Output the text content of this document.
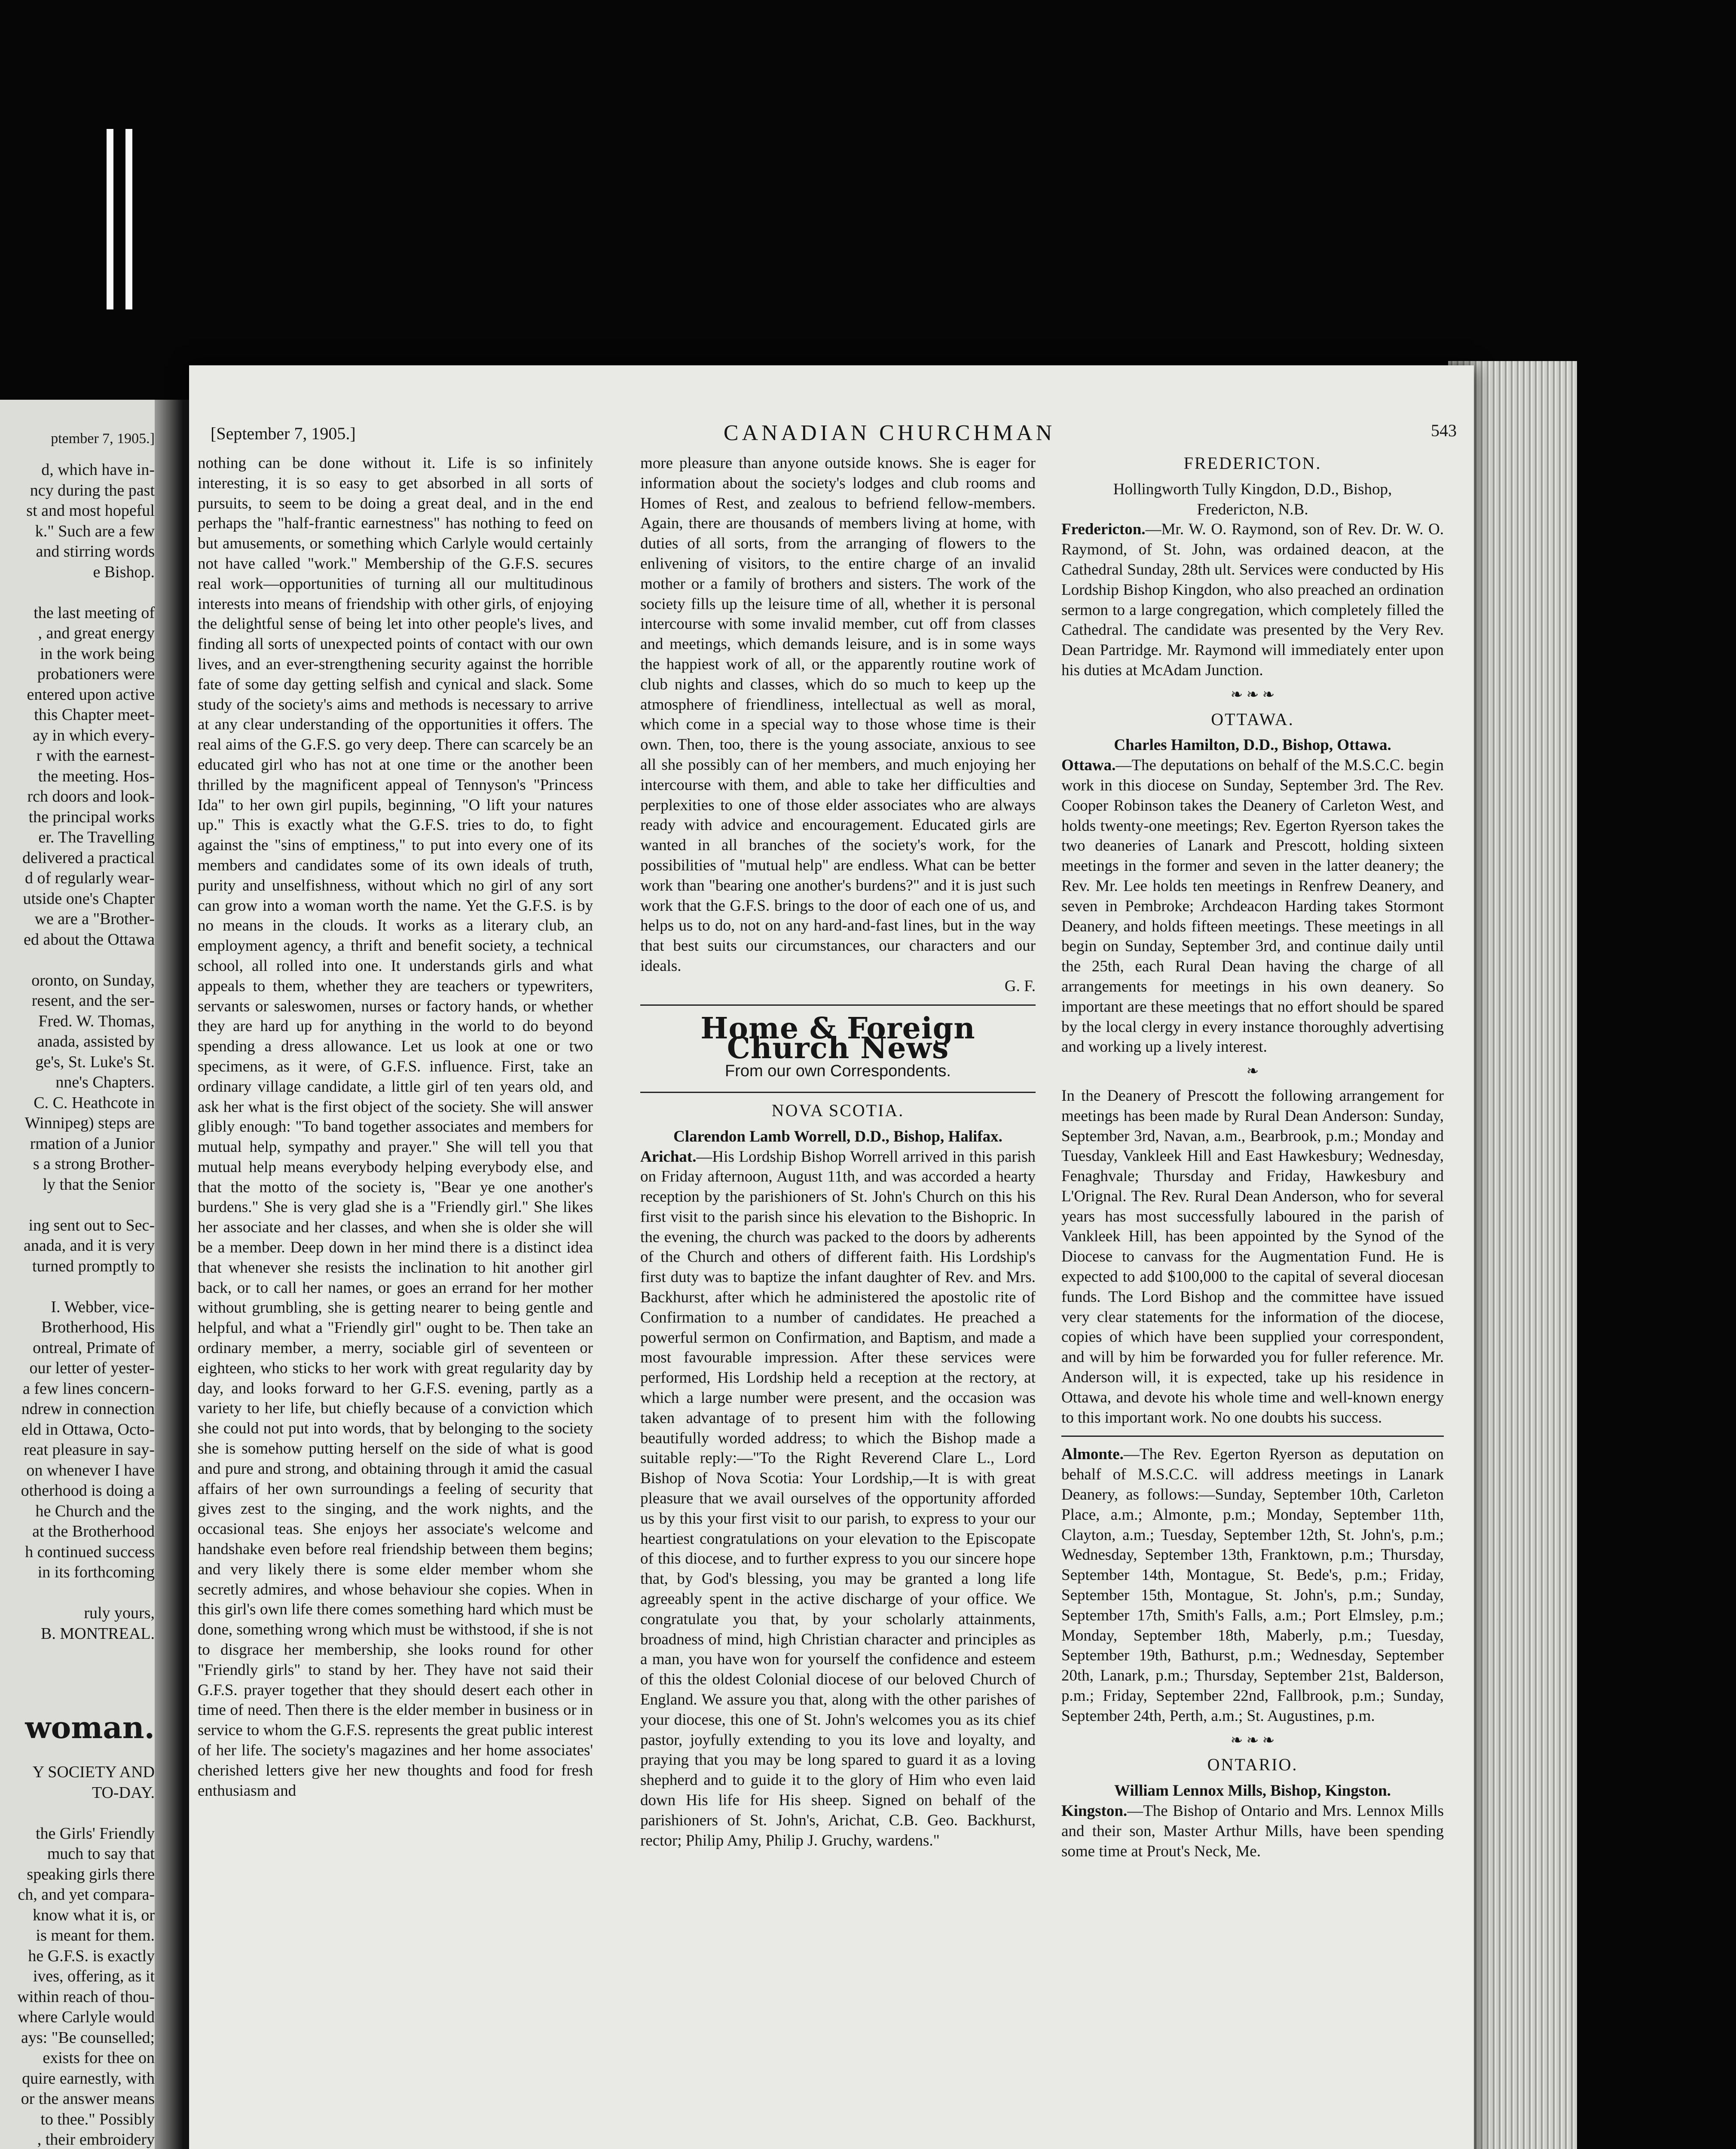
ptember 7, 1905.]
d, which have in-
ncy during the past
st and most hopeful
k." Such are a few
and stirring words
e Bishop.

the last meeting of
, and great energy
in the work being
probationers were
entered upon active
this Chapter meet-
ay in which every-
r with the earnest-
the meeting. Hos-
rch doors and look-
the principal works
er. The Travelling
delivered a practical
d of regularly wear-
utside one's Chapter
we are a "Brother-
ed about the Ottawa

oronto, on Sunday,
resent, and the ser-
Fred. W. Thomas,
anada, assisted by
ge's, St. Luke's St.
nne's Chapters.
C. C. Heathcote in
Winnipeg) steps are
rmation of a Junior
s a strong Brother-
ly that the Senior

ing sent out to Sec-
anada, and it is very
turned promptly to

I. Webber, vice-
Brotherhood, His
ontreal, Primate of
our letter of yester-
a few lines concern-
ndrew in connection
eld in Ottawa, Octo-
reat pleasure in say-
on whenever I have
otherhood is doing a
he Church and the
at the Brotherhood
h continued success
in its forthcoming

ruly yours,
B. MONTREAL.
woman.
Y SOCIETY AND
TO-DAY.

the Girls' Friendly
much to say that
speaking girls there
ch, and yet compara-
know what it is, or
is meant for them.
he G.F.S. is exactly
ives, offering, as it
within reach of thou-
where Carlyle would
ays: "Be counselled;
exists for thee on
quire earnestly, with
or the answer means
to thee." Possibly
, their embroidery

[September 7, 1905.]	CANADIAN CHURCHMAN	543

nothing can be done without it. Life is so infinitely interesting, it is so easy to get absorbed in all sorts of pursuits, to seem to be doing a great deal, and in the end perhaps the "half-frantic earnestness" has nothing to feed on but amusements, or something which Carlyle would certainly not have called "work." Membership of the G.F.S. secures real work—opportunities of turning all our multitudinous interests into means of friendship with other girls, of enjoying the delightful sense of being let into other people's lives, and finding all sorts of unexpected points of contact with our own lives, and an ever-strengthening security against the horrible fate of some day getting selfish and cynical and slack. Some study of the society's aims and methods is necessary to arrive at any clear understanding of the opportunities it offers. The real aims of the G.F.S. go very deep. There can scarcely be an educated girl who has not at one time or the another been thrilled by the magnificent appeal of Tennyson's "Princess Ida" to her own girl pupils, beginning, "O lift your natures up." This is exactly what the G.F.S. tries to do, to fight against the "sins of emptiness," to put into every one of its members and candidates some of its own ideals of truth, purity and unselfishness, without which no girl of any sort can grow into a woman worth the name. Yet the G.F.S. is by no means in the clouds. It works as a literary club, an employment agency, a thrift and benefit society, a technical school, all rolled into one. It understands girls and what appeals to them, whether they are teachers or typewriters, servants or saleswomen, nurses or factory hands, or whether they are hard up for anything in the world to do beyond spending a dress allowance. Let us look at one or two specimens, as it were, of G.F.S. influence. First, take an ordinary village candidate, a little girl of ten years old, and ask her what is the first object of the society. She will answer glibly enough: "To band together associates and members for mutual help, sympathy and prayer." She will tell you that mutual help means everybody helping everybody else, and that the motto of the society is, "Bear ye one another's burdens." She is very glad she is a "Friendly girl." She likes her associate and her classes, and when she is older she will be a member. Deep down in her mind there is a distinct idea that whenever she resists the inclination to hit another girl back, or to call her names, or goes an errand for her mother without grumbling, she is getting nearer to being gentle and helpful, and what a "Friendly girl" ought to be. Then take an ordinary member, a merry, sociable girl of seventeen or eighteen, who sticks to her work with great regularity day by day, and looks forward to her G.F.S. evening, partly as a variety to her life, but chiefly because of a conviction which she could not put into words, that by belonging to the society she is somehow putting herself on the side of what is good and pure and strong, and obtaining through it amid the casual affairs of her own surroundings a feeling of security that gives zest to the singing, and the work nights, and the occasional teas. She enjoys her associate's welcome and handshake even before real friendship between them begins; and very likely there is some elder member whom she secretly admires, and whose behaviour she copies. When in this girl's own life there comes something hard which must be done, something wrong which must be withstood, if she is not to disgrace her membership, she looks round for other "Friendly girls" to stand by her. They have not said their G.F.S. prayer together that they should desert each other in time of need. Then there is the elder member in business or in service to whom the G.F.S. represents the great public interest of her life. The society's magazines and her home associates' cherished letters give her new thoughts and food for fresh enthusiasm and

more pleasure than anyone outside knows. She is eager for information about the society's lodges and club rooms and Homes of Rest, and zealous to befriend fellow-members. Again, there are thousands of members living at home, with duties of all sorts, from the arranging of flowers to the enlivening of visitors, to the entire charge of an invalid mother or a family of brothers and sisters. The work of the society fills up the leisure time of all, whether it is personal intercourse with some invalid member, cut off from classes and meetings, which demands leisure, and is in some ways the happiest work of all, or the apparently routine work of club nights and classes, which do so much to keep up the atmosphere of friendliness, intellectual as well as moral, which come in a special way to those whose time is their own. Then, too, there is the young associate, anxious to see all she possibly can of her members, and much enjoying her intercourse with them, and able to take her difficulties and perplexities to one of those elder associates who are always ready with advice and encouragement. Educated girls are wanted in all branches of the society's work, for the possibilities of "mutual help" are endless. What can be better work than "bearing one another's burdens?" and it is just such work that the G.F.S. brings to the door of each one of us, and helps us to do, not on any hard-and-fast lines, but in the way that best suits our circumstances, our characters and our ideals.

G. F.
Home & Foreign Church News
From our own Correspondents.
NOVA SCOTIA.
Clarendon Lamb Worrell, D.D., Bishop, Halifax.

Arichat.—His Lordship Bishop Worrell arrived in this parish on Friday afternoon, August 11th, and was accorded a hearty reception by the parishioners of St. John's Church on this his first visit to the parish since his elevation to the Bishopric. In the evening, the church was packed to the doors by adherents of the Church and others of different faith. His Lordship's first duty was to baptize the infant daughter of Rev. and Mrs. Backhurst, after which he administered the apostolic rite of Confirmation to a number of candidates. He preached a powerful sermon on Confirmation, and Baptism, and made a most favourable impression. After these services were performed, His Lordship held a reception at the rectory, at which a large number were present, and the occasion was taken advantage of to present him with the following beautifully worded address; to which the Bishop made a suitable reply:—"To the Right Reverend Clare L., Lord Bishop of Nova Scotia: Your Lordship,—It is with great pleasure that we avail ourselves of the opportunity afforded us by this your first visit to our parish, to express to your our heartiest congratulations on your elevation to the Episcopate of this diocese, and to further express to you our sincere hope that, by God's blessing, you may be granted a long life agreeably spent in the active discharge of your office. We congratulate you that, by your scholarly attainments, broadness of mind, high Christian character and principles as a man, you have won for yourself the confidence and esteem of this the oldest Colonial diocese of our beloved Church of England. We assure you that, along with the other parishes of your diocese, this one of St. John's welcomes you as its chief pastor, joyfully extending to you its love and loyalty, and praying that you may be long spared to guard it as a loving shepherd and to guide it to the glory of Him who even laid down His life for His sheep. Signed on behalf of the parishioners of St. John's, Arichat, C.B. Geo. Backhurst, rector; Philip Amy, Philip J. Gruchy, wardens."

FREDERICTON.
Hollingworth Tully Kingdon, D.D., Bishop,
Fredericton, N.B.

Fredericton.—Mr. W. O. Raymond, son of Rev. Dr. W. O. Raymond, of St. John, was ordained deacon, at the Cathedral Sunday, 28th ult. Services were conducted by His Lordship Bishop Kingdon, who also preached an ordination sermon to a large congregation, which completely filled the Cathedral. The candidate was presented by the Very Rev. Dean Partridge. Mr. Raymond will immediately enter upon his duties at McAdam Junction.

❧ ❧ ❧
OTTAWA.
Charles Hamilton, D.D., Bishop, Ottawa.

Ottawa.—The deputations on behalf of the M.S.C.C. begin work in this diocese on Sunday, September 3rd. The Rev. Cooper Robinson takes the Deanery of Carleton West, and holds twenty-one meetings; Rev. Egerton Ryerson takes the two deaneries of Lanark and Prescott, holding sixteen meetings in the former and seven in the latter deanery; the Rev. Mr. Lee holds ten meetings in Renfrew Deanery, and seven in Pembroke; Archdeacon Harding takes Stormont Deanery, and holds fifteen meetings. These meetings in all begin on Sunday, September 3rd, and continue daily until the 25th, each Rural Dean having the charge of all arrangements for meetings in his own deanery. So important are these meetings that no effort should be spared by the local clergy in every instance thoroughly advertising and working up a lively interest.

❧

In the Deanery of Prescott the following arrangement for meetings has been made by Rural Dean Anderson: Sunday, September 3rd, Navan, a.m., Bearbrook, p.m.; Monday and Tuesday, Vankleek Hill and East Hawkesbury; Wednesday, Fenaghvale; Thursday and Friday, Hawkesbury and L'Orignal. The Rev. Rural Dean Anderson, who for several years has most successfully laboured in the parish of Vankleek Hill, has been appointed by the Synod of the Diocese to canvass for the Augmentation Fund. He is expected to add $100,000 to the capital of several diocesan funds. The Lord Bishop and the committee have issued very clear statements for the information of the diocese, copies of which have been supplied your correspondent, and will by him be forwarded you for fuller reference. Mr. Anderson will, it is expected, take up his residence in Ottawa, and devote his whole time and well-known energy to this important work. No one doubts his success.

Almonte.—The Rev. Egerton Ryerson as deputation on behalf of M.S.C.C. will address meetings in Lanark Deanery, as follows:—Sunday, September 10th, Carleton Place, a.m.; Almonte, p.m.; Monday, September 11th, Clayton, a.m.; Tuesday, September 12th, St. John's, p.m.; Wednesday, September 13th, Franktown, p.m.; Thursday, September 14th, Montague, St. Bede's, p.m.; Friday, September 15th, Montague, St. John's, p.m.; Sunday, September 17th, Smith's Falls, a.m.; Port Elmsley, p.m.; Monday, September 18th, Maberly, p.m.; Tuesday, September 19th, Bathurst, p.m.; Wednesday, September 20th, Lanark, p.m.; Thursday, September 21st, Balderson, p.m.; Friday, September 22nd, Fallbrook, p.m.; Sunday, September 24th, Perth, a.m.; St. Augustines, p.m.

❧ ❧ ❧
ONTARIO.
William Lennox Mills, Bishop, Kingston.

Kingston.—The Bishop of Ontario and Mrs. Lennox Mills and their son, Master Arthur Mills, have been spending some time at Prout's Neck, Me.
